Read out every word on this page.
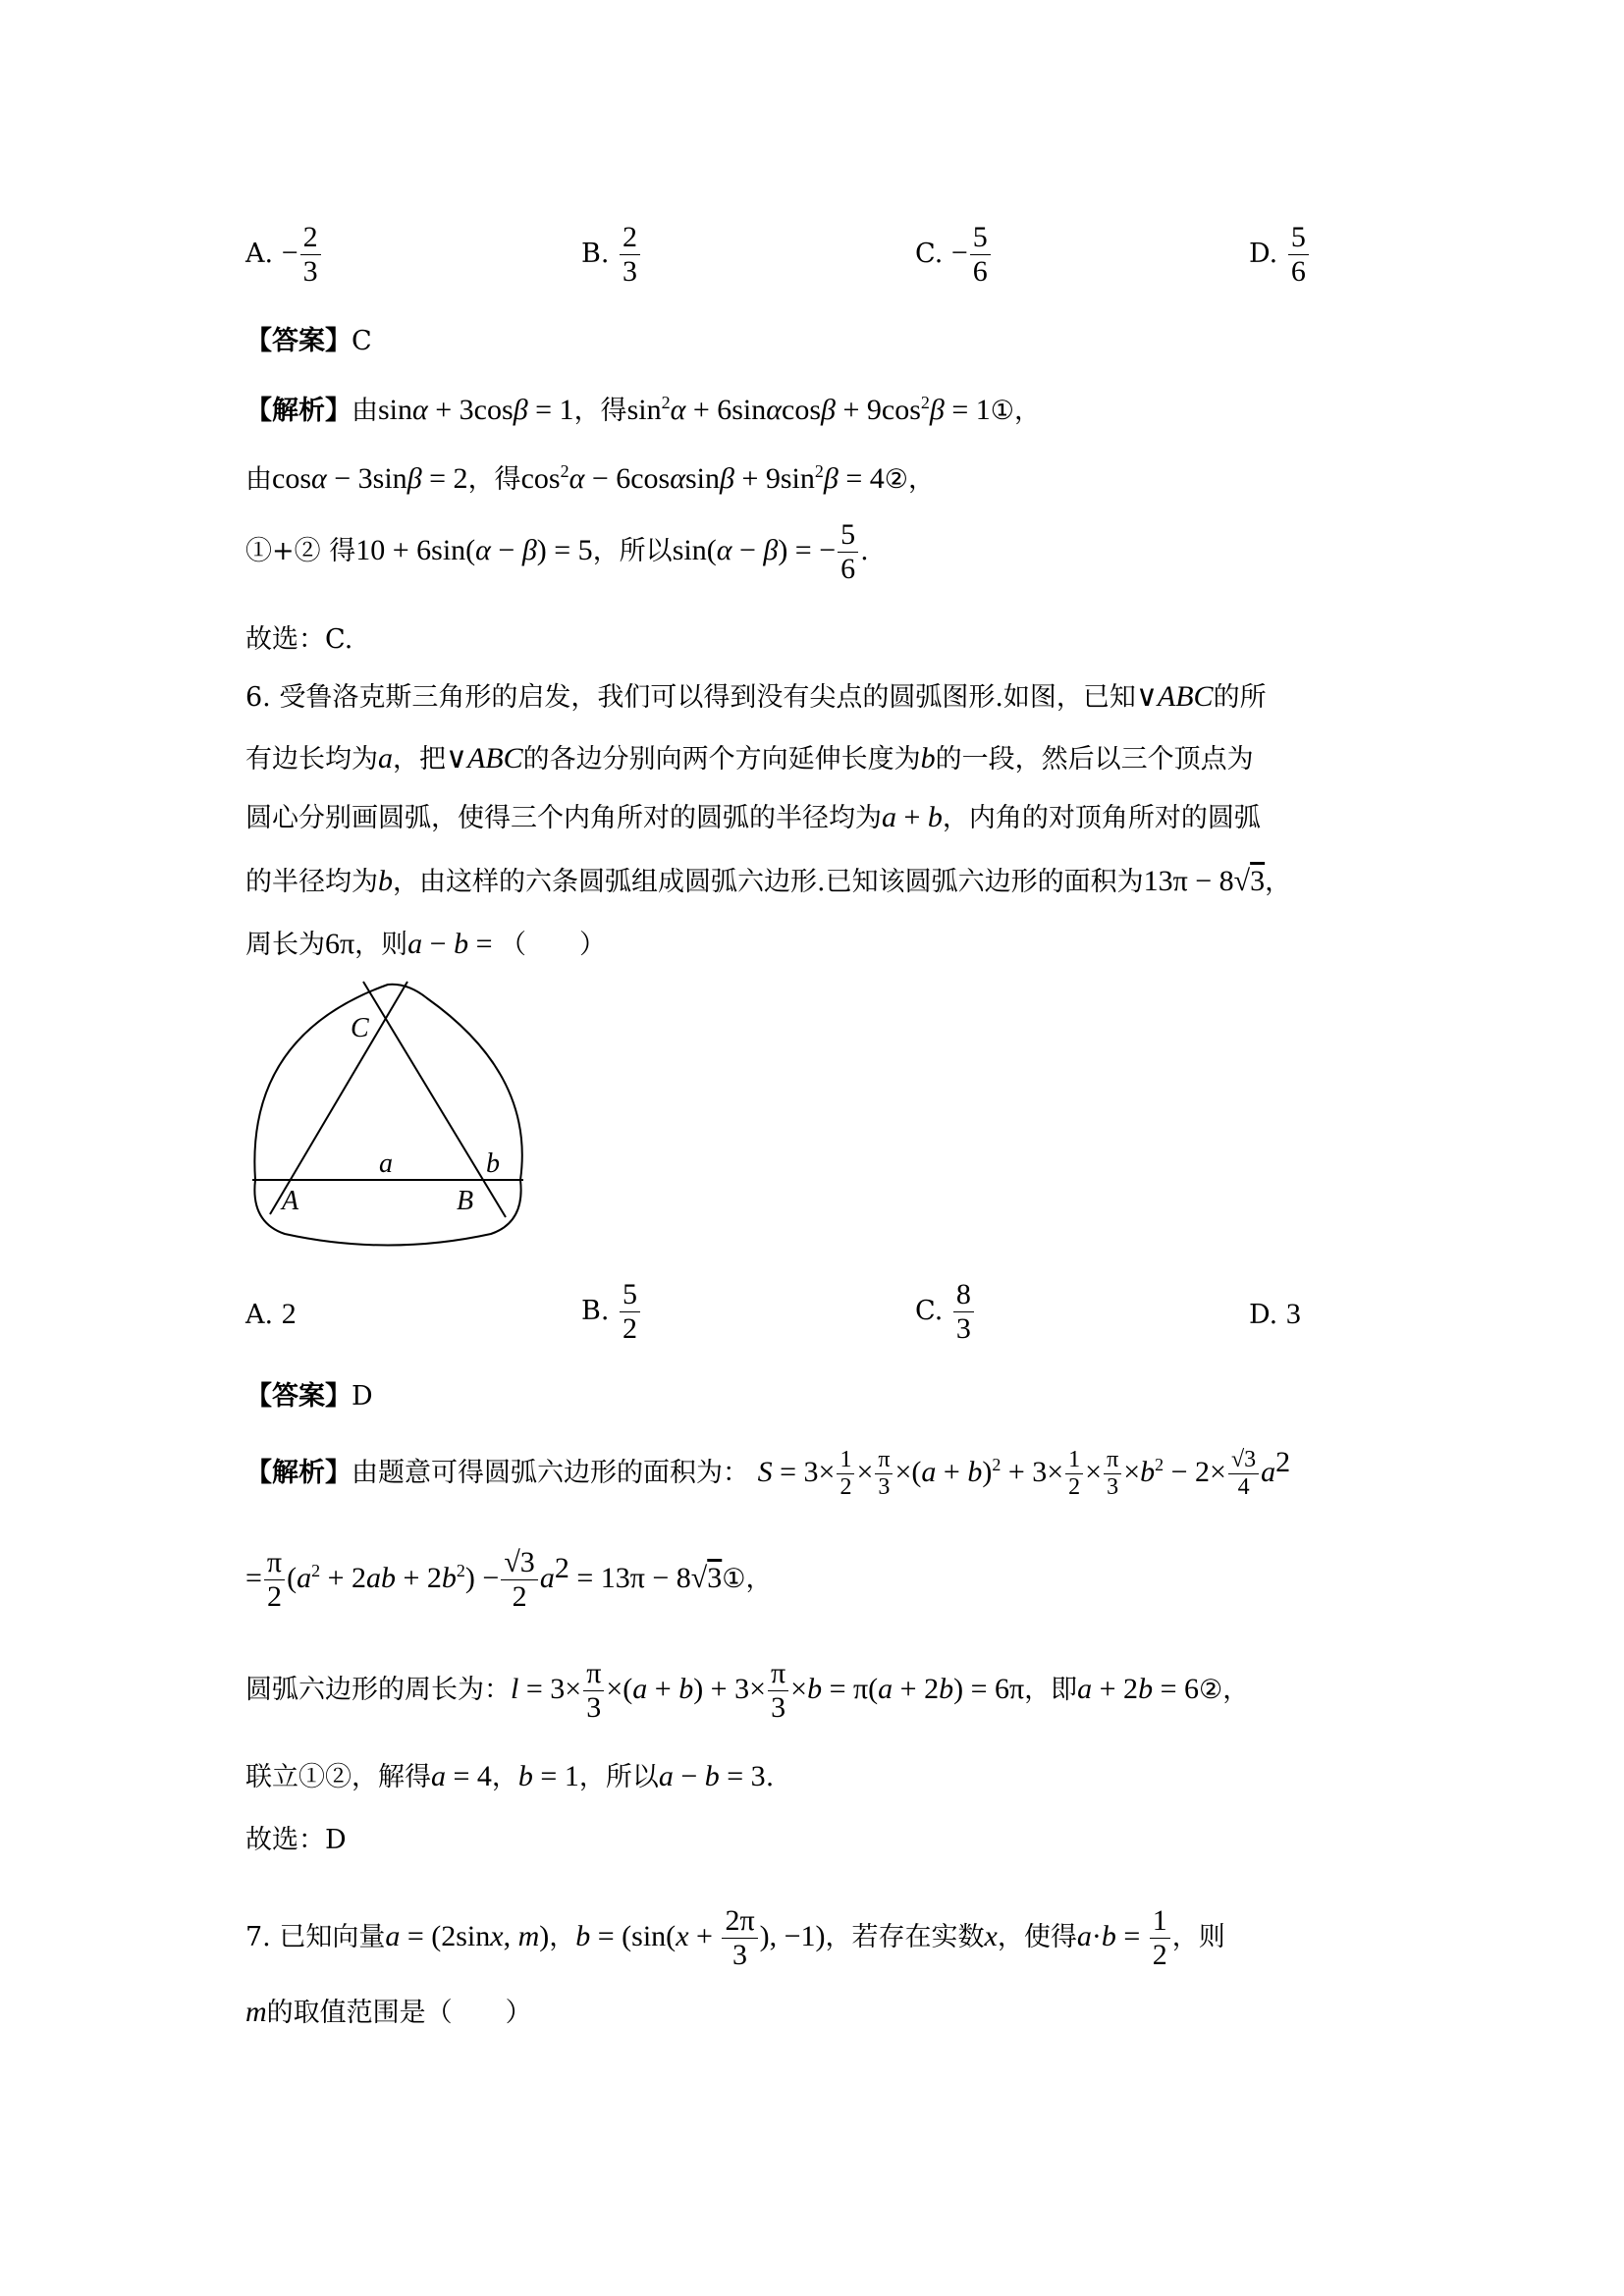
A. − $\frac{2}{3}$	B. $\frac{2}{3}$	C. − $\frac{5}{6}$	D. $\frac{5}{6}$
【答案】C
【解析】由sinα + 3cosβ = 1，得$\sin^2\alpha + 6\sin\alpha\cos\beta + 9\cos^2\beta$ = 1①，
由cosα − 3sinβ = 2，得$\cos^2\alpha - 6\cos\alpha\sin\beta + 9\sin^2\beta$ = 4②，
①+② 得10 + 6sin(α − β) = 5，所以sin(α − β) = − $\frac{5}{6}$ .
故选：C.
6. 受鲁洛克斯三角形的启发，我们可以得到没有尖点的圆弧图形.如图，已知∨ABC的所
有边长均为a，把∨ABC的各边分别向两个方向延伸长度为b的一段，然后以三个顶点为
圆心分别画圆弧，使得三个内角所对的圆弧的半径均为a + b，内角的对顶角所对的圆弧
的半径均为b，由这样的六条圆弧组成圆弧六边形.已知该圆弧六边形的面积为13π − 8√3，
周长为6π，则a − b = （　　）
C
A	B
a	b
A. 2	B. $\frac{5}{2}$	C. $\frac{8}{3}$	D. 3
【答案】D
【解析】由题意可得圆弧六边形的面积为： $S = 3\times \frac{1}{2} \times \frac{\pi}{3} \times(a + b)^2 + 3\times \frac{1}{2} \times \frac{\pi}{3} \times b^2 - 2\times \frac{√3}{4} a^2$
= $\frac{\pi}{2} (a^2 + 2ab + 2b^2) - \frac{√3}{2} a^2 = 13\pi$ − 8√3①，
圆弧六边形的周长为：$l = 3\times \frac{\pi}{3} \times(a + b) + 3\times \frac{\pi}{3} \times b = \pi(a + 2b) = 6\pi$，即a + 2b = 6②，
联立①②，解得a = 4，b = 1，所以a − b = 3.
故选：D
7. 已知向量a = (2sinx, m)，$b = (\sin(x + \frac{2\pi}{3}$ ), −1)，若存在实数x，使得$a\cdot b = \frac{1}{2}$ ，则
m的取值范围是（　　）
